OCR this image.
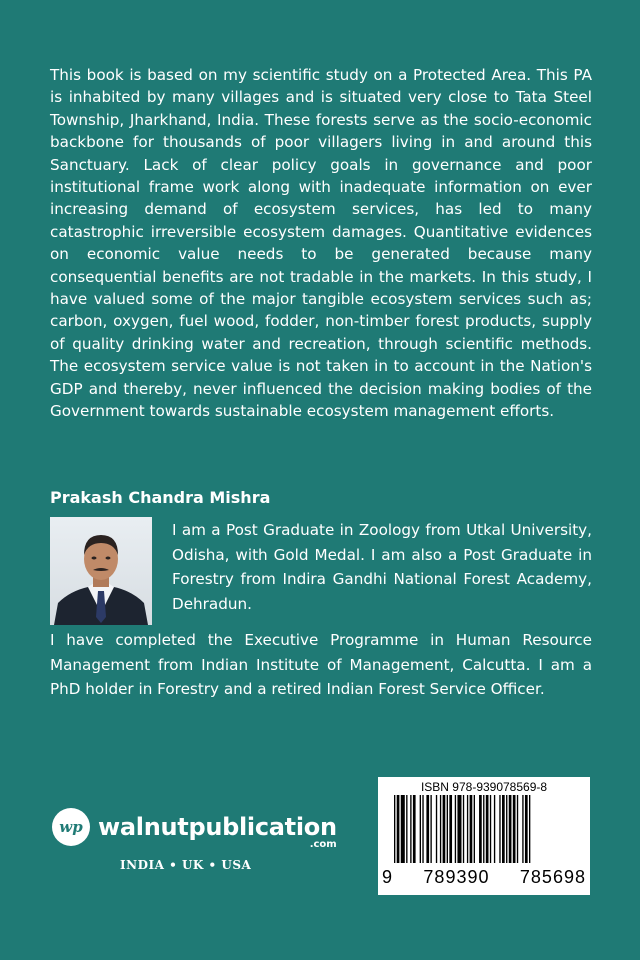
This book is based on my scientific study on a Protected Area. This PA is inhabited by many villages and is situated very close to Tata Steel Township, Jharkhand, India. These forests serve as the socio-economic backbone for thousands of poor villagers living in and around this Sanctuary. Lack of clear policy goals in governance and poor institutional frame work along with inadequate information on ever increasing demand of ecosystem services, has led to many catastrophic irreversible ecosystem damages. Quantitative evidences on economic value needs to be generated because many consequential benefits are not tradable in the markets. In this study, I have valued some of the major tangible ecosystem services such as; carbon, oxygen, fuel wood, fodder, non-timber forest products, supply of quality drinking water and recreation, through scientific methods. The ecosystem service value is not taken in to account in the Nation's GDP and thereby, never influenced the decision making bodies of the Government towards sustainable ecosystem management efforts.

Prakash Chandra Mishra

I am a Post Graduate in Zoology from Utkal University, Odisha, with Gold Medal. I am also a Post Graduate in Forestry from Indira Gandhi National Forest Academy, Dehradun.

I have completed the Executive Programme in Human Resource Management from Indian Institute of Management, Calcutta. I am a PhD holder in Forestry and a retired Indian Forest Service Officer.

wp walnutpublication
.com
INDIA • UK • USA
ISBN 978-939078569-8
9 789390 785698
